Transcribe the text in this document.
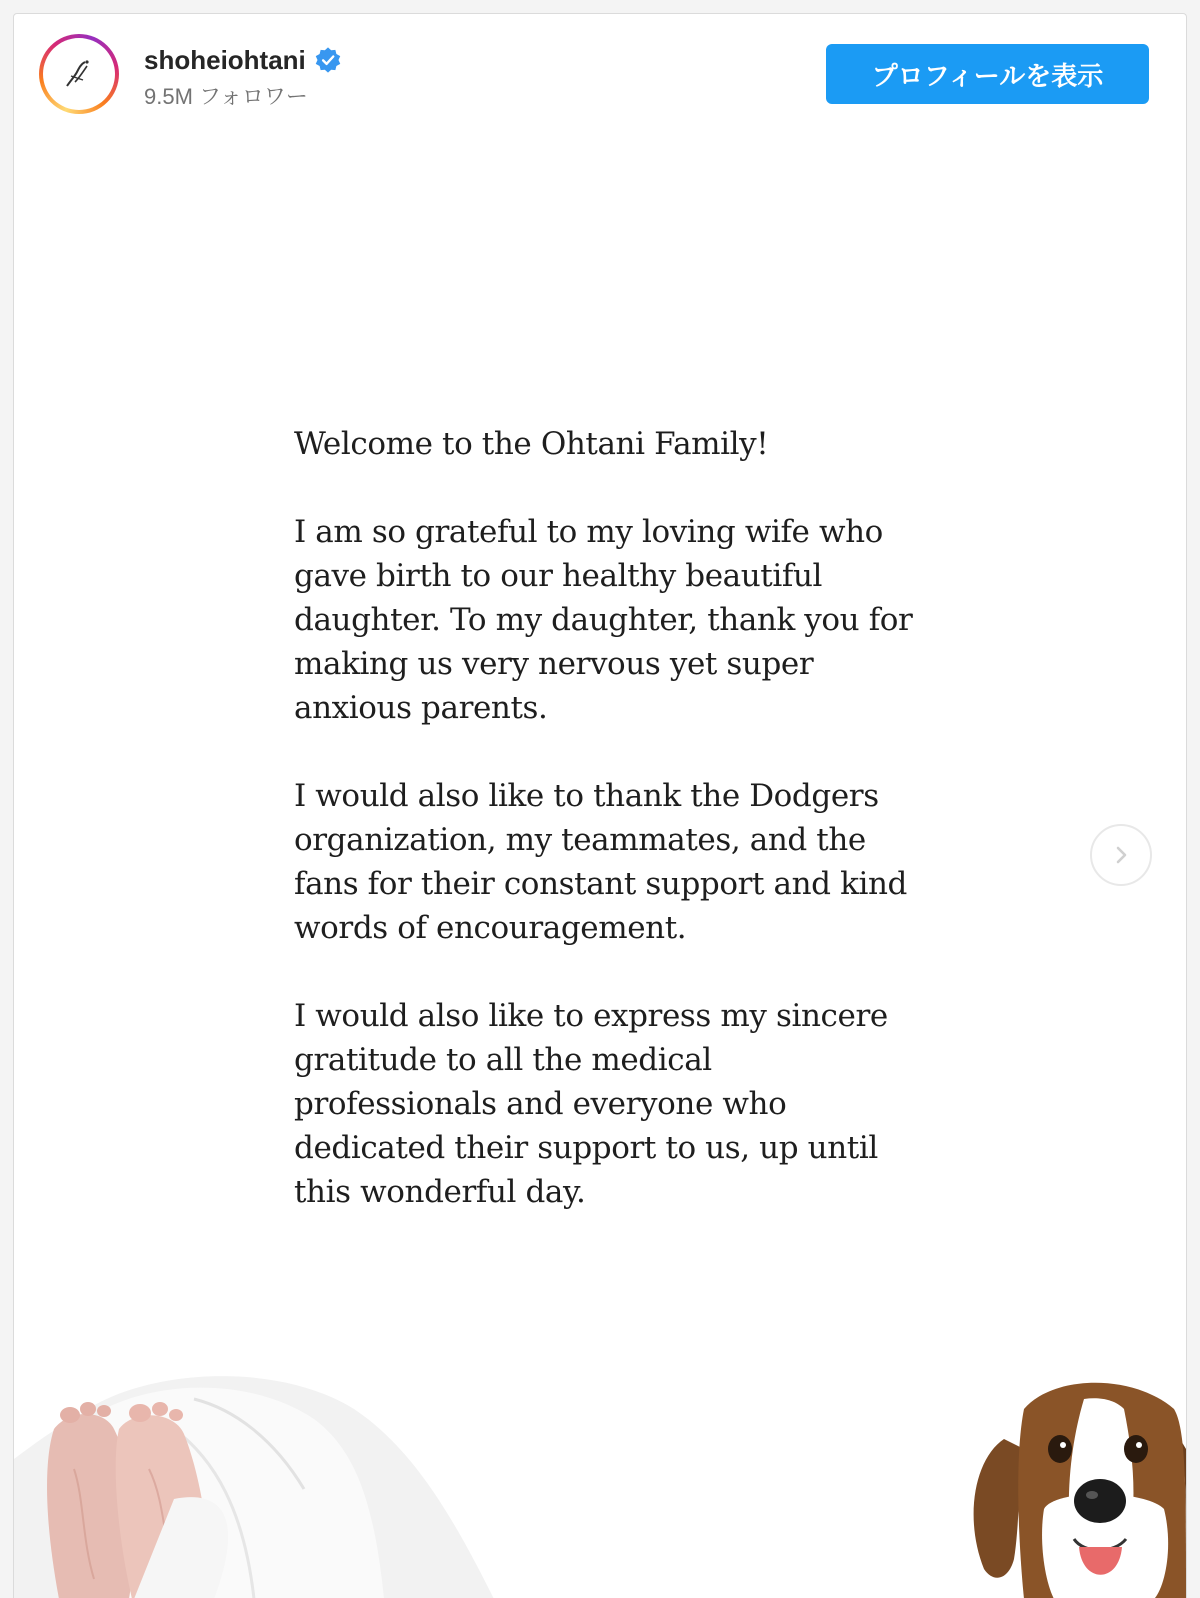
shoheiohtani
9.5M フォロワー
プロフィールを表示

Welcome to the Ohtani Family!

I am so grateful to my loving wife who gave birth to our healthy beautiful daughter. To my daughter, thank you for making us very nervous yet super anxious parents.

I would also like to thank the Dodgers organization, my teammates, and the fans for their constant support and kind words of encouragement.

I would also like to express my sincere gratitude to all the medical professionals and everyone who dedicated their support to us, up until this wonderful day.
